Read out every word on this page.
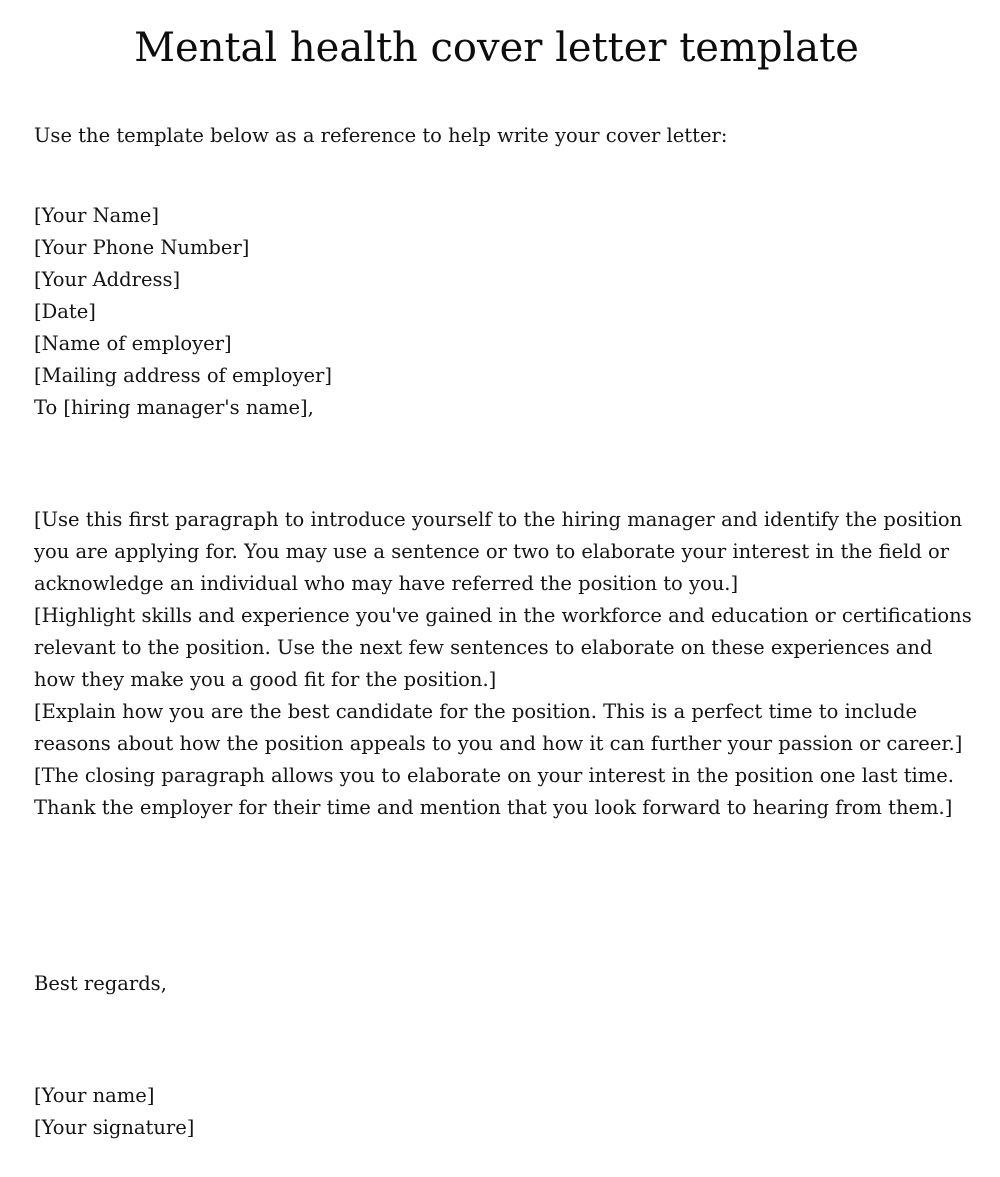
Mental health cover letter template

Use the template below as a reference to help write your cover letter:

[Your Name]
[Your Phone Number]
[Your Address]
[Date]
[Name of employer]
[Mailing address of employer]
To [hiring manager's name],

[Use this first paragraph to introduce yourself to the hiring manager and identify the position you are applying for. You may use a sentence or two to elaborate your interest in the field or acknowledge an individual who may have referred the position to you.]

[Highlight skills and experience you've gained in the workforce and education or certifications relevant to the position. Use the next few sentences to elaborate on these experiences and how they make you a good fit for the position.]

[Explain how you are the best candidate for the position. This is a perfect time to include reasons about how the position appeals to you and how it can further your passion or career.]

[The closing paragraph allows you to elaborate on your interest in the position one last time. Thank the employer for their time and mention that you look forward to hearing from them.]

Best regards,

[Your name]
[Your signature]
